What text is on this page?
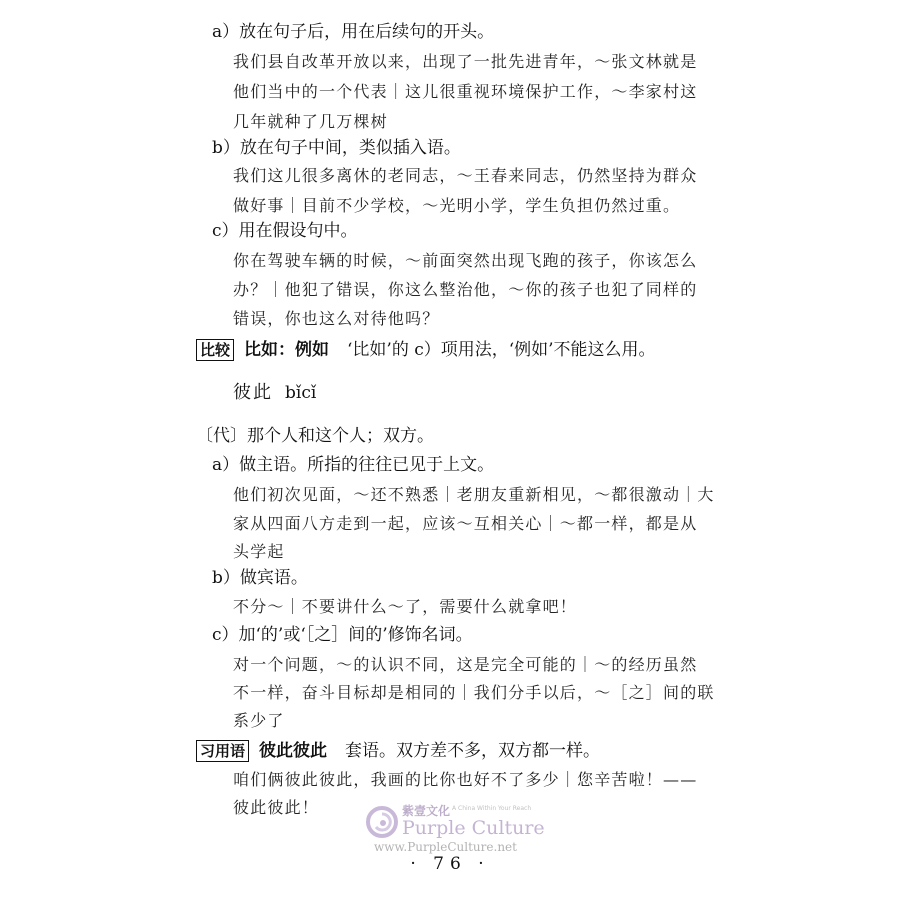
a）放在句子后，用在后续句的开头。
我们县自改革开放以来，出现了一批先进青年，～张文林就是
他们当中的一个代表｜这儿很重视环境保护工作，～李家村这
几年就种了几万棵树
b）放在句子中间，类似插入语。
我们这儿很多离休的老同志，～王春来同志，仍然坚持为群众
做好事｜目前不少学校，～光明小学，学生负担仍然过重。
c）用在假设句中。
你在驾驶车辆的时候，～前面突然出现飞跑的孩子，你该怎么
办？｜他犯了错误，你这么整治他，～你的孩子也犯了同样的
错误，你也这么对待他吗？
比较 比如：例如 ‘比如’的 c）项用法，‘例如’不能这么用。
彼此 bǐcǐ
〔代〕那个人和这个人；双方。
a）做主语。所指的往往已见于上文。
他们初次见面，～还不熟悉｜老朋友重新相见，～都很激动｜大
家从四面八方走到一起，应该～互相关心｜～都一样，都是从
头学起
b）做宾语。
不分～｜不要讲什么～了，需要什么就拿吧！
c）加‘的’或‘［之］间的’修饰名词。
对一个问题，～的认识不同，这是完全可能的｜～的经历虽然
不一样，奋斗目标却是相同的｜我们分手以后，～［之］间的联
系少了
习用语 彼此彼此 套语。双方差不多，双方都一样。
咱们俩彼此彼此，我画的比你也好不了多少｜您辛苦啦！——
彼此彼此！	紫壹文化 A China Within Your Reach
Purple Culture
www.PurpleCulture.net
· 76 ·
